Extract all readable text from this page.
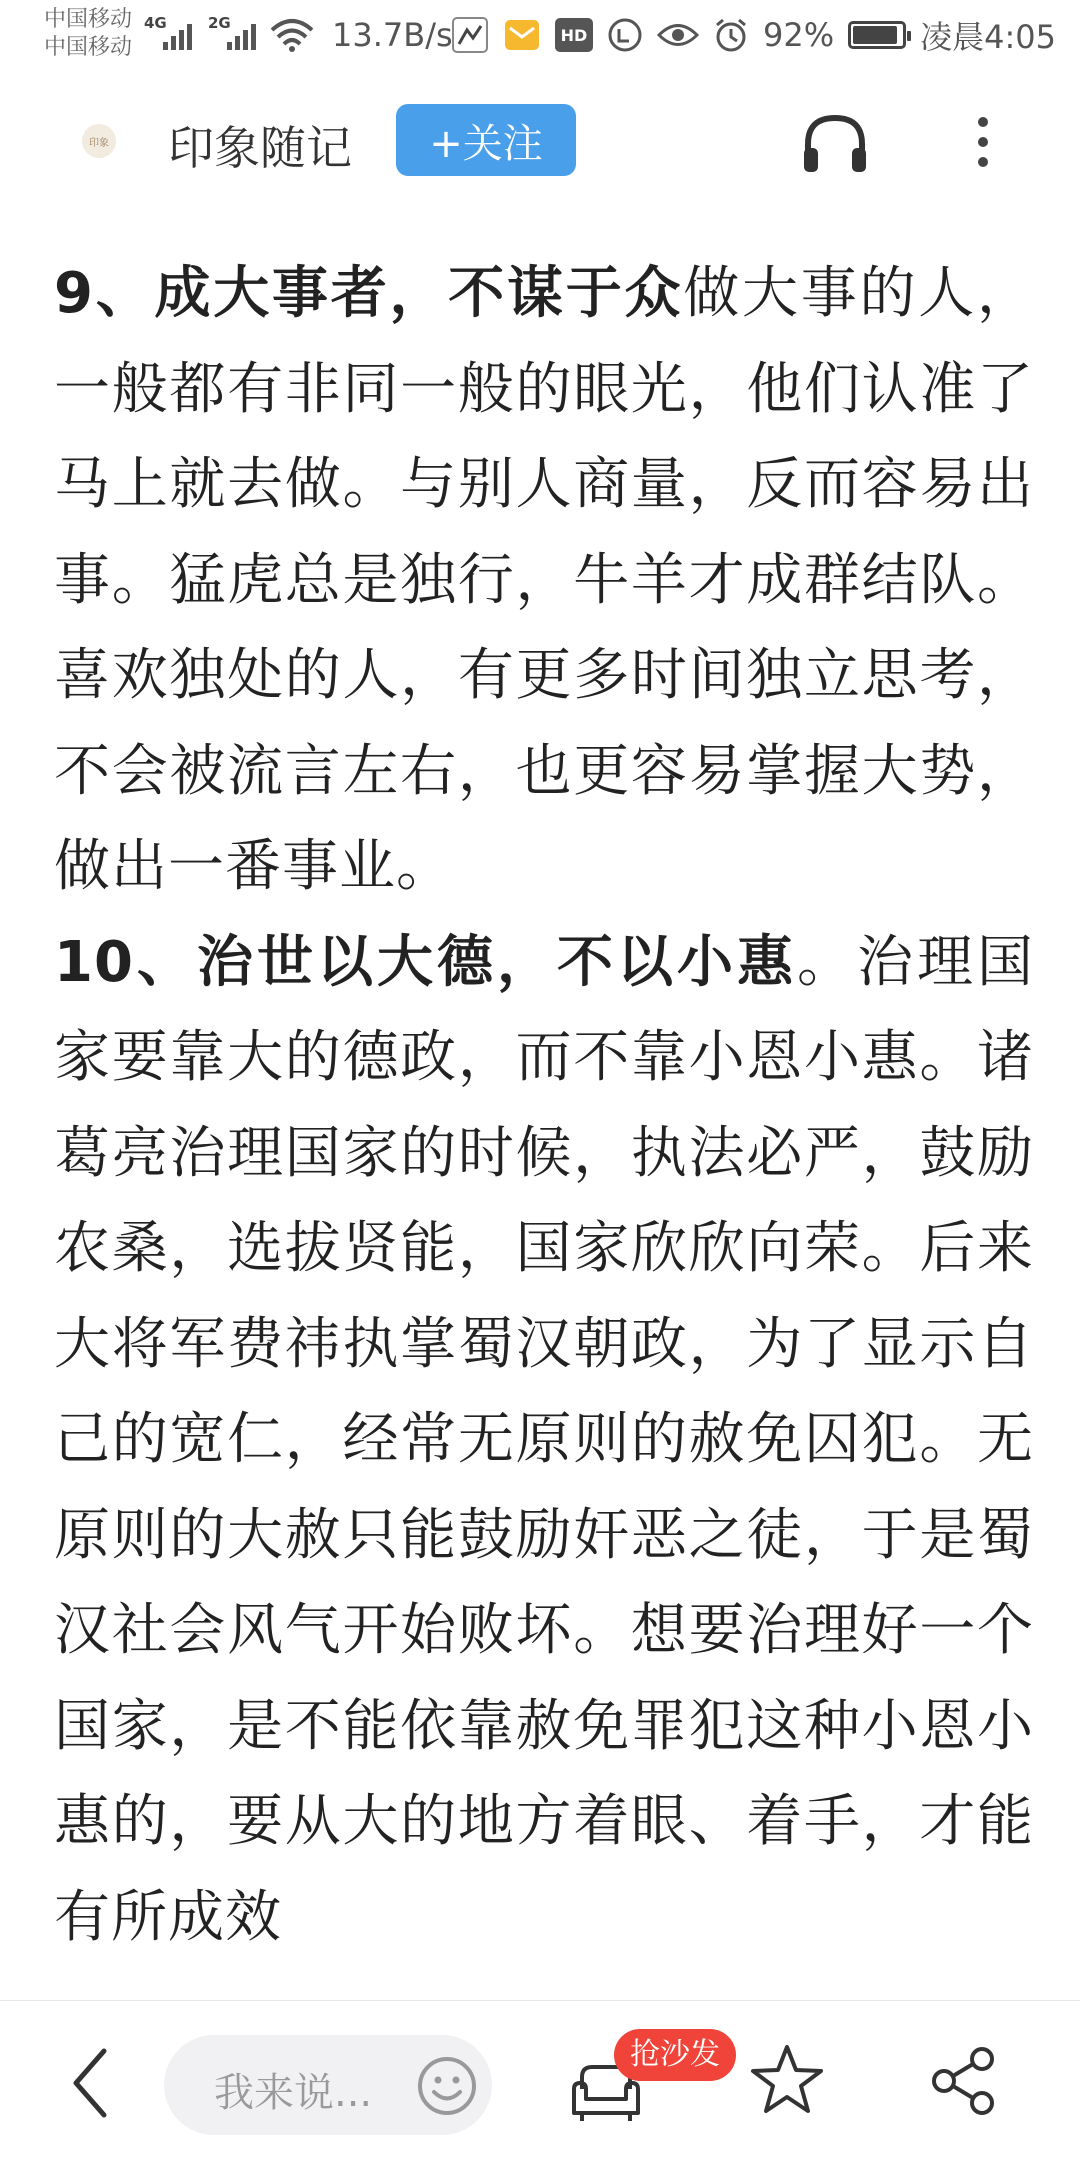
中国移动
中国移动
4G	2G	13.7B/s	HD	92%	凌晨4:05
印象 印象随记	+关注

9、成大事者，不谋于众做大事的人，一般都有非同一般的眼光，他们认准了马上就去做。与别人商量，反而容易出事。猛虎总是独行，牛羊才成群结队。喜欢独处的人，有更多时间独立思考，不会被流言左右，也更容易掌握大势，做出一番事业。

10、治世以大德，不以小惠。治理国家要靠大的德政，而不靠小恩小惠。诸葛亮治理国家的时候，执法必严，鼓励农桑，选拔贤能，国家欣欣向荣。后来大将军费祎执掌蜀汉朝政，为了显示自己的宽仁，经常无原则的赦免囚犯。无原则的大赦只能鼓励奸恶之徒，于是蜀汉社会风气开始败坏。想要治理好一个国家，是不能依靠赦免罪犯这种小恩小惠的，要从大的地方着眼、着手，才能有所成效

我来说...
抢沙发
